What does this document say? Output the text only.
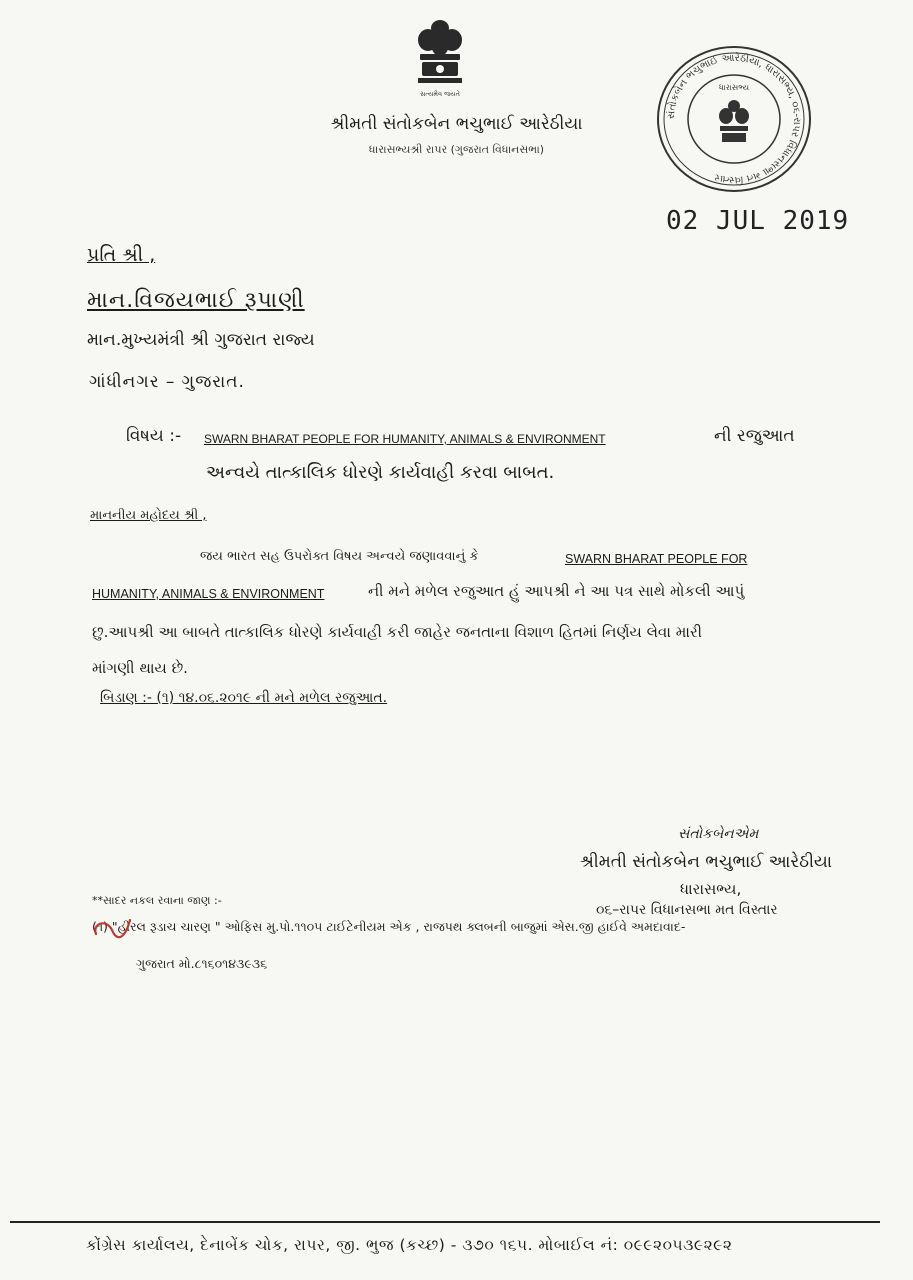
સત્યમેવ જયતે
શ્રીમતી સંતોકબેન ભચુભાઈ આરેઠીયા
ધારાસભ્યશ્રી રાપર (ગુજરાત વિધાનસભા)
સંતોકબેન ભચુભાઈ આરેઠીયા, ધારાસભ્ય, ૦૬-રાપર વિધાનસભા મત વિસ્તાર
ધારાસભ્ય
02 JUL 2019
પ્રતિ શ્રી ,
માન.વિજયભાઈ રૂપાણી
માન.મુખ્યમંત્રી શ્રી ગુજરાત રાજ્ય
ગાંધીનગર – ગુજરાત.
વિષય :- SWARN BHARAT PEOPLE FOR HUMANITY, ANIMALS & ENVIRONMENT	ની રજુઆત
અન્વયે તાત્કાલિક ધોરણે કાર્યવાહી કરવા બાબત.
માનનીય મહોદય શ્રી ,
જય ભારત સહ ઉપરોક્ત વિષય અન્વયે જણાવવાનું કે	SWARN BHARAT PEOPLE FOR
HUMANITY, ANIMALS & ENVIRONMENT	ની મને મળેલ રજુઆત હું આપશ્રી ને આ પત્ર સાથે મોકલી આપું
છુ.આપશ્રી આ બાબતે તાત્કાલિક ધોરણે કાર્યવાહી કરી જાહેર જનતાના વિશાળ હિતમાં નિર્ણય લેવા મારી
માંગણી થાય છે.
બિડાણ :- (૧) ૧૪.૦૬.૨૦૧૯ ની મને મળેલ રજુઆત.
સંતોકબેનએમ
શ્રીમતી સંતોકબેન ભચુભાઈ આરેઠીયા
ધારાસભ્ય,
૦૬–રાપર વિધાનસભા મત વિસ્તાર
**સાદર નકલ રવાના જાણ :-
(૧) "હીરલ રૂડાચ ચારણ " ઓફિસ મુ.પો.૧૧૦૫ ટાઈટેનીયમ એક , રાજપથ ક્લબની બાજુમાં એસ.જી હાઈવે અમદાવાદ-
ગુજરાત મો.૮૧૬૦૧૪૩૯૩૬
કોંગ્રેસ કાર્યાલય, દેનાબેંક ચોક, રાપર, જી. ભુજ (કચ્છ) - ૩૭૦ ૧૬૫. મોબાઈલ નં: ૦૯૯૨૦૫૩૯૨૯૨
